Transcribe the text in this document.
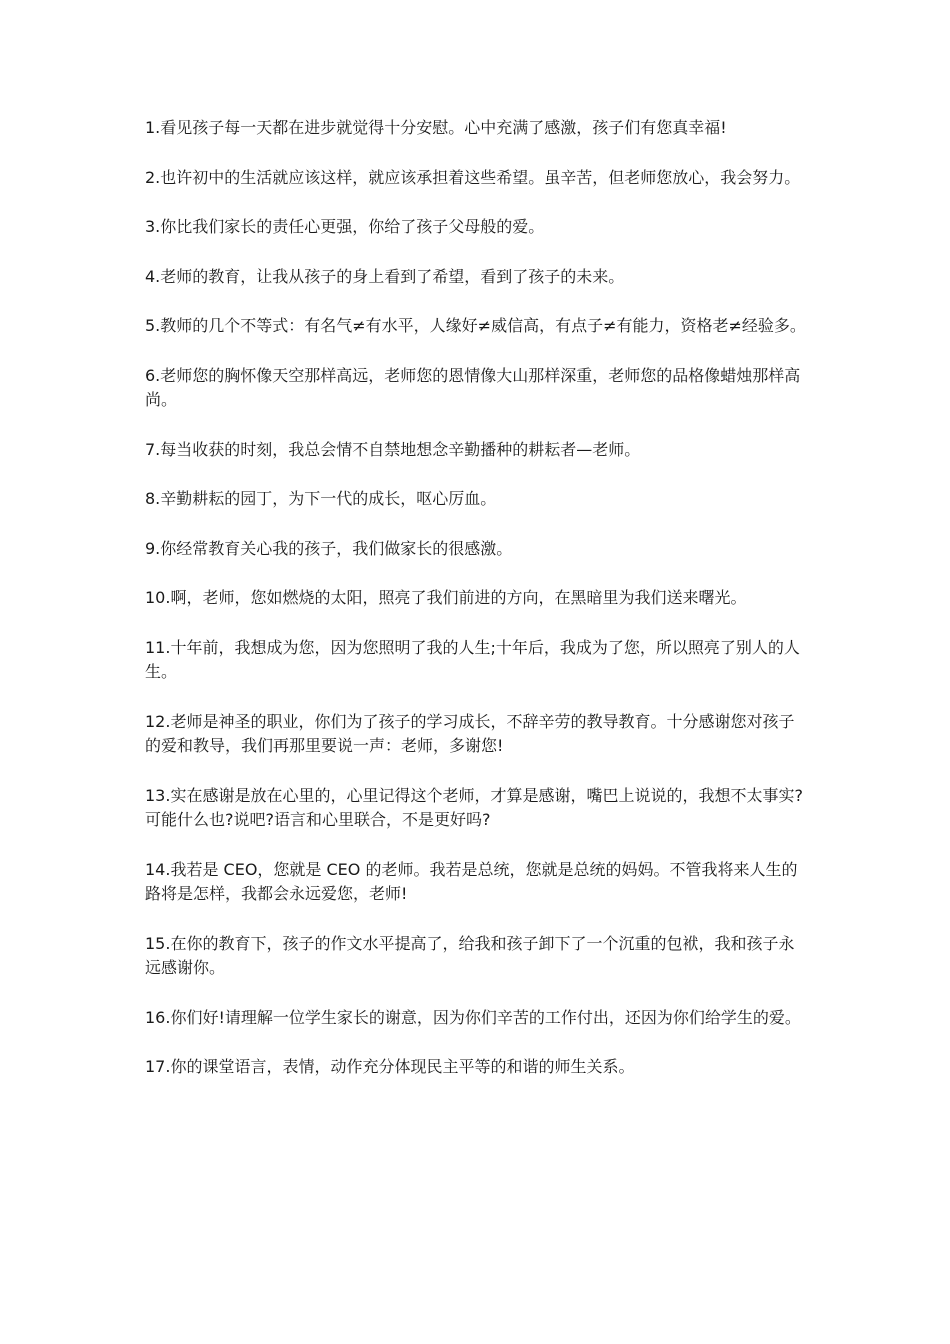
1.看见孩子每一天都在进步就觉得十分安慰。心中充满了感激，孩子们有您真幸福!

2.也许初中的生活就应该这样，就应该承担着这些希望。虽辛苦，但老师您放心，我会努力。

3.你比我们家长的责任心更强，你给了孩子父母般的爱。

4.老师的教育，让我从孩子的身上看到了希望，看到了孩子的未来。

5.教师的几个不等式：有名气≠有水平，人缘好≠威信高，有点子≠有能力，资格老≠经验多。

6.老师您的胸怀像天空那样高远，老师您的恩情像大山那样深重，老师您的品格像蜡烛那样高尚。

7.每当收获的时刻，我总会情不自禁地想念辛勤播种的耕耘者—老师。

8.辛勤耕耘的园丁，为下一代的成长，呕心厉血。

9.你经常教育关心我的孩子，我们做家长的很感激。

10.啊，老师，您如燃烧的太阳，照亮了我们前进的方向，在黑暗里为我们送来曙光。

11.十年前，我想成为您，因为您照明了我的人生;十年后，我成为了您，所以照亮了别人的人生。

12.老师是神圣的职业，你们为了孩子的学习成长，不辞辛劳的教导教育。十分感谢您对孩子的爱和教导，我们再那里要说一声：老师，多谢您!

13.实在感谢是放在心里的，心里记得这个老师，才算是感谢，嘴巴上说说的，我想不太事实?可能什么也?说吧?语言和心里联合，不是更好吗?

14.我若是 CEO，您就是 CEO 的老师。我若是总统，您就是总统的妈妈。不管我将来人生的路将是怎样，我都会永远爱您，老师!

15.在你的教育下，孩子的作文水平提高了，给我和孩子卸下了一个沉重的包袱，我和孩子永远感谢你。

16.你们好!请理解一位学生家长的谢意，因为你们辛苦的工作付出，还因为你们给学生的爱。

17.你的课堂语言，表情，动作充分体现民主平等的和谐的师生关系。
